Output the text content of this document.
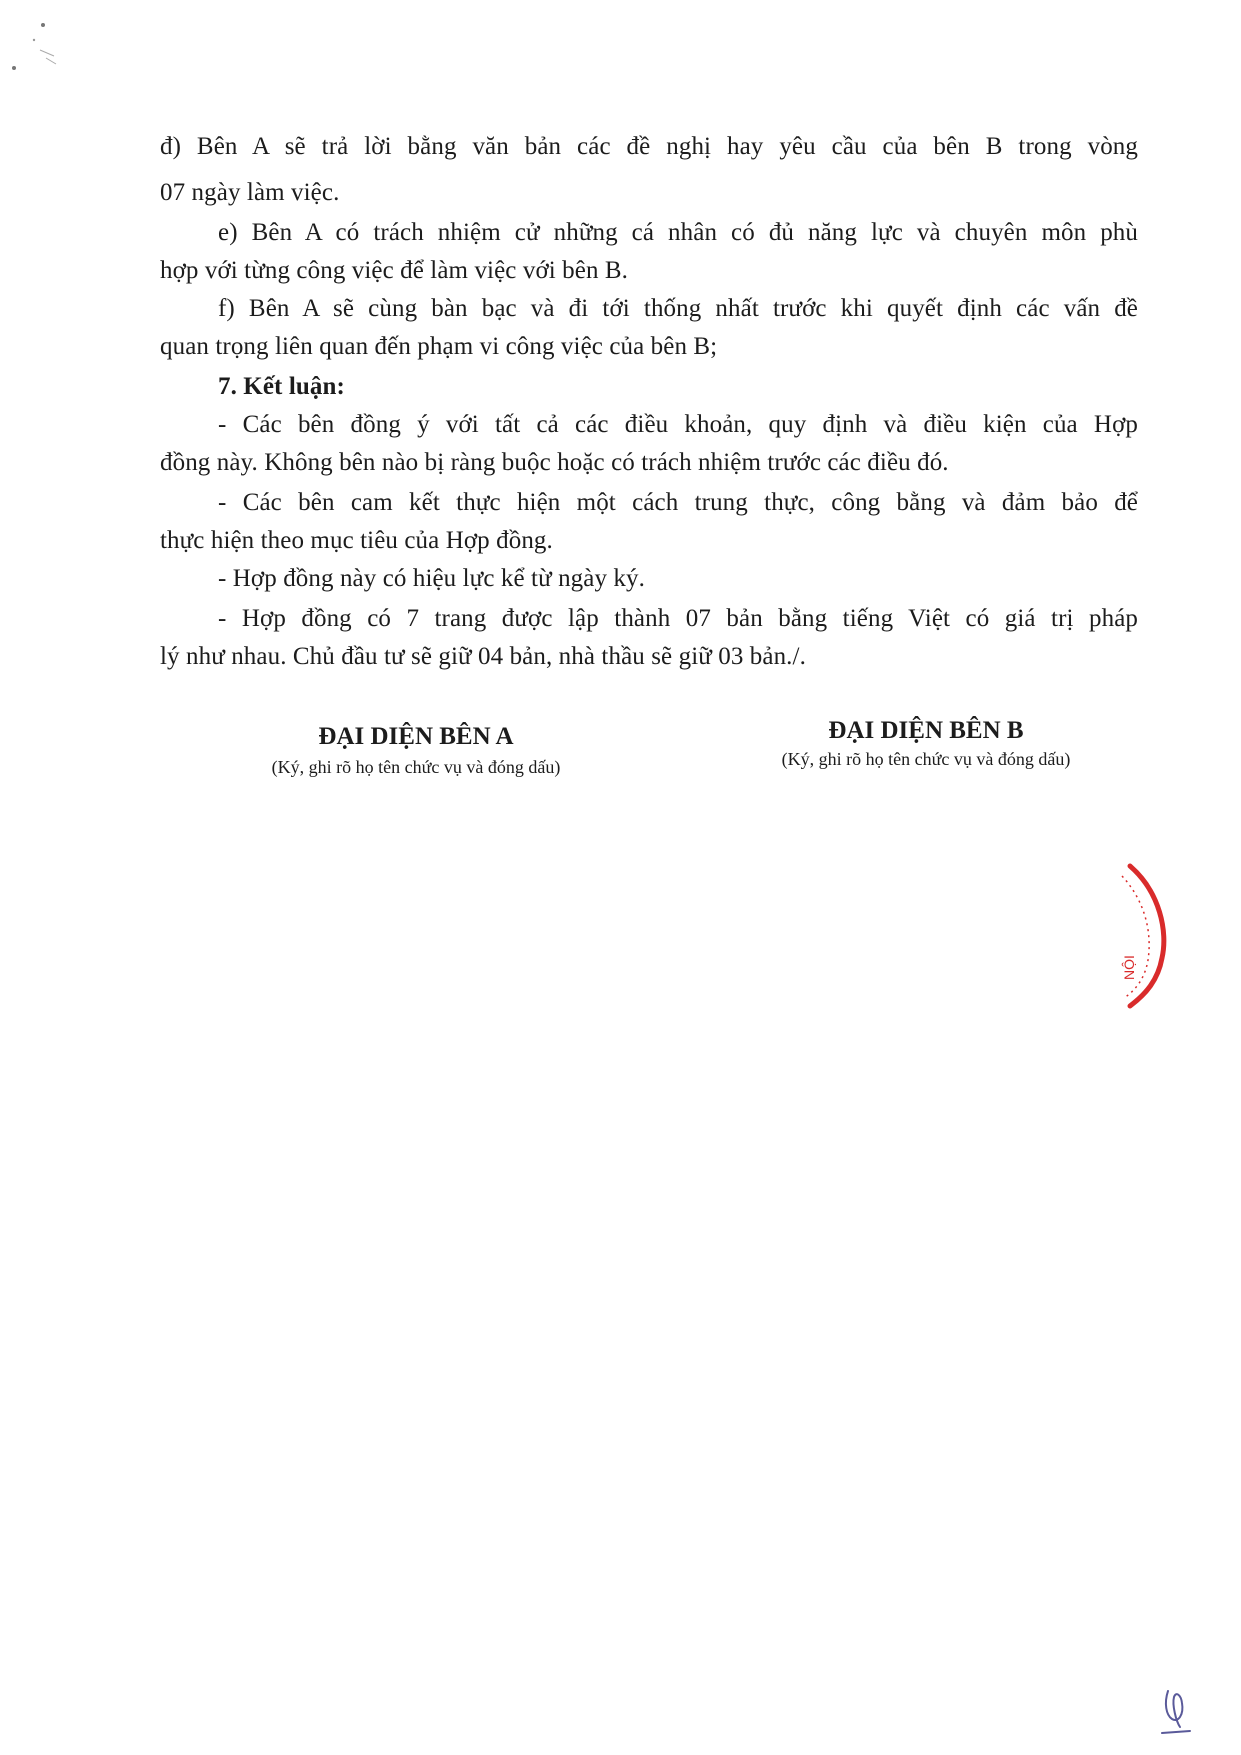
đ) Bên A sẽ trả lời bằng văn bản các đề nghị hay yêu cầu của bên B trong vòng
07 ngày làm việc.
e) Bên A có trách nhiệm cử những cá nhân có đủ năng lực và chuyên môn phù
hợp với từng công việc để làm việc với bên B.
f) Bên A sẽ cùng bàn bạc và đi tới thống nhất trước khi quyết định các vấn đề
quan trọng liên quan đến phạm vi công việc của bên B;
7. Kết luận:
- Các bên đồng ý với tất cả các điều khoản, quy định và điều kiện của Hợp
đồng này. Không bên nào bị ràng buộc hoặc có trách nhiệm trước các điều đó.
- Các bên cam kết thực hiện một cách trung thực, công bằng và đảm bảo để
thực hiện theo mục tiêu của Hợp đồng.
- Hợp đồng này có hiệu lực kể từ ngày ký.
- Hợp đồng có 7 trang được lập thành 07 bản bằng tiếng Việt có giá trị pháp
lý như nhau. Chủ đầu tư sẽ giữ 04 bản, nhà thầu sẽ giữ 03 bản./.
ĐẠI DIỆN BÊN A
(Ký, ghi rõ họ tên chức vụ và đóng dấu)
ĐẠI DIỆN BÊN B
(Ký, ghi rõ họ tên chức vụ và đóng dấu)
NỘI
